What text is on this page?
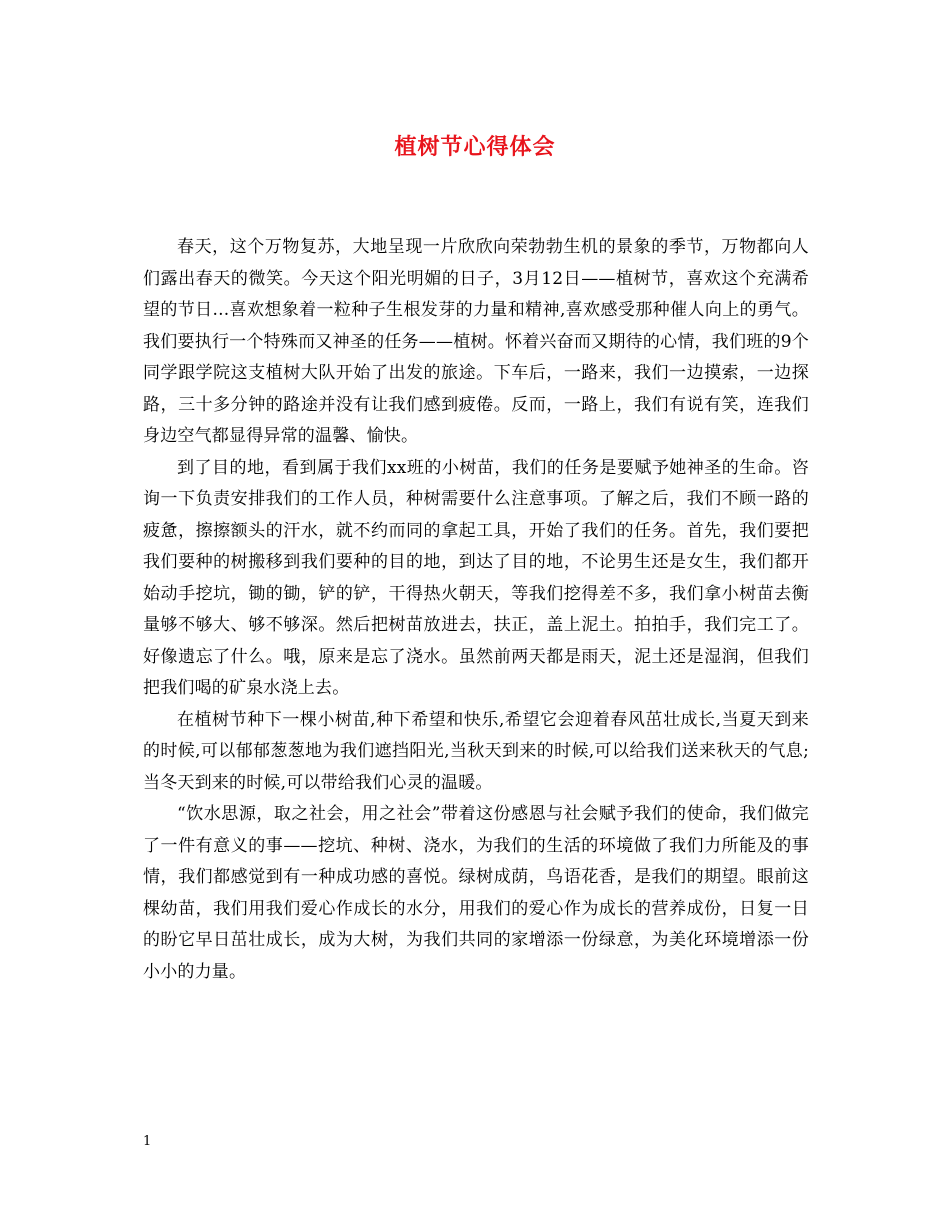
植树节心得体会

春天，这个万物复苏，大地呈现一片欣欣向荣勃勃生机的景象的季节，万物都向人们露出春天的微笑。今天这个阳光明媚的日子，3月12日——植树节，喜欢这个充满希望的节日...喜欢想象着一粒种子生根发芽的力量和精神,喜欢感受那种催人向上的勇气。我们要执行一个特殊而又神圣的任务——植树。怀着兴奋而又期待的心情，我们班的9个同学跟学院这支植树大队开始了出发的旅途。下车后，一路来，我们一边摸索，一边探路，三十多分钟的路途并没有让我们感到疲倦。反而，一路上，我们有说有笑，连我们身边空气都显得异常的温馨、愉快。

到了目的地，看到属于我们xx班的小树苗，我们的任务是要赋予她神圣的生命。咨询一下负责安排我们的工作人员，种树需要什么注意事项。了解之后，我们不顾一路的疲惫，擦擦额头的汗水，就不约而同的拿起工具，开始了我们的任务。首先，我们要把我们要种的树搬移到我们要种的目的地，到达了目的地，不论男生还是女生，我们都开始动手挖坑，锄的锄，铲的铲，干得热火朝天，等我们挖得差不多，我们拿小树苗去衡量够不够大、够不够深。然后把树苗放进去，扶正，盖上泥土。拍拍手，我们完工了。好像遗忘了什么。哦，原来是忘了浇水。虽然前两天都是雨天，泥土还是湿润，但我们把我们喝的矿泉水浇上去。

在植树节种下一棵小树苗,种下希望和快乐,希望它会迎着春风茁壮成长,当夏天到来的时候,可以郁郁葱葱地为我们遮挡阳光,当秋天到来的时候,可以给我们送来秋天的气息;当冬天到来的时候,可以带给我们心灵的温暖。

“饮水思源，取之社会，用之社会”带着这份感恩与社会赋予我们的使命，我们做完了一件有意义的事——挖坑、种树、浇水，为我们的生活的环境做了我们力所能及的事情，我们都感觉到有一种成功感的喜悦。绿树成荫，鸟语花香，是我们的期望。眼前这棵幼苗，我们用我们爱心作成长的水分，用我们的爱心作为成长的营养成份，日复一日的盼它早日茁壮成长，成为大树，为我们共同的家增添一份绿意，为美化环境增添一份小小的力量。

1
